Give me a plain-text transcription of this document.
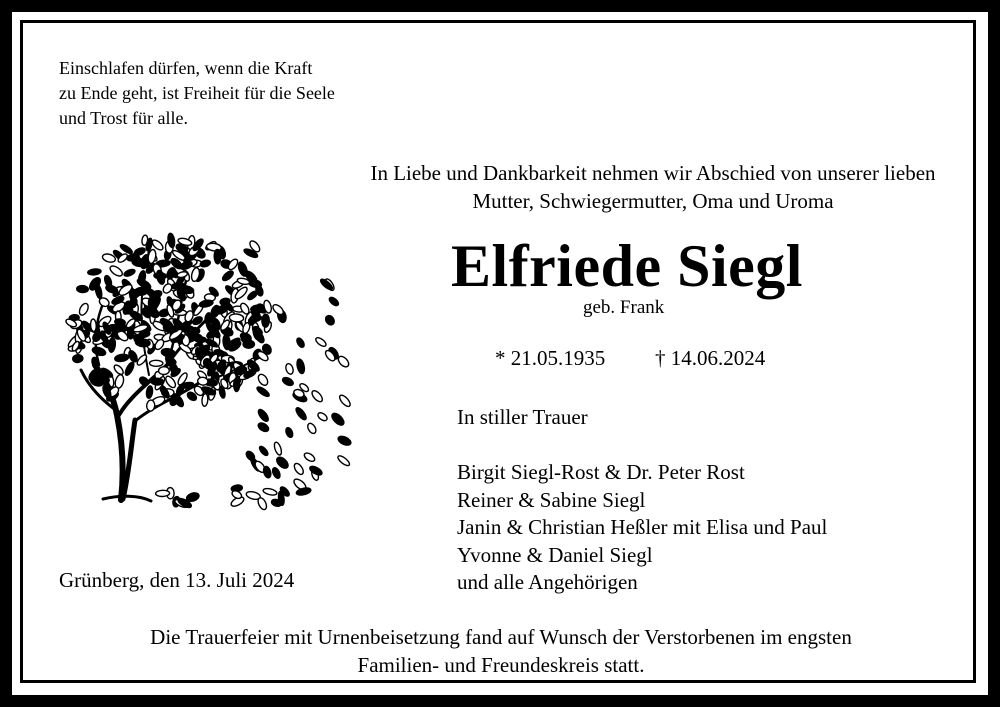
Einschlafen dürfen, wenn die Kraft
zu Ende geht, ist Freiheit für die Seele
und Trost für alle.
In Liebe und Dankbarkeit nehmen wir Abschied von unserer lieben
Mutter, Schwiegermutter, Oma und Uroma
Elfriede Siegl
geb. Frank
* 21.05.1935 † 14.06.2024
In stiller Trauer
Birgit Siegl-Rost & Dr. Peter Rost
Reiner & Sabine Siegl
Janin & Christian Heßler mit Elisa und Paul
Yvonne & Daniel Siegl
und alle Angehörigen
Grünberg, den 13. Juli 2024
Die Trauerfeier mit Urnenbeisetzung fand auf Wunsch der Verstorbenen im engsten
Familien- und Freundeskreis statt.
